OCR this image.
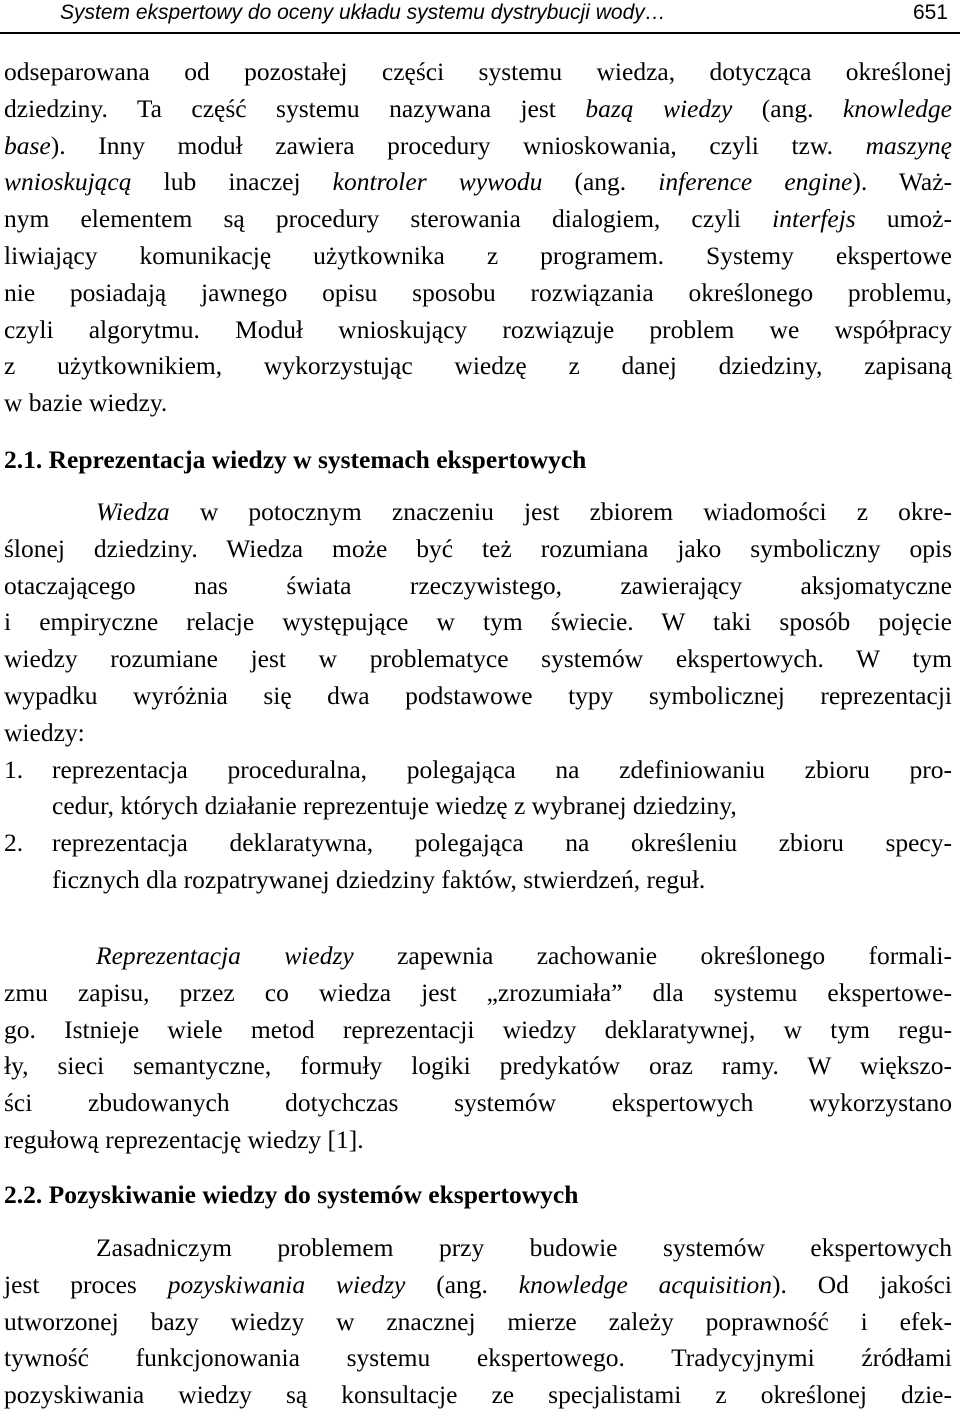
System ekspertowy do oceny układu systemu dystrybucji wody…	651
odseparowana od pozostałej części systemu wiedza, dotycząca określonej
dziedziny. Ta część systemu nazywana jest bazą wiedzy (ang. knowledge
base). Inny moduł zawiera procedury wnioskowania, czyli tzw. maszynę
wnioskującą lub inaczej kontroler wywodu (ang. inference engine). Waż-
nym elementem są procedury sterowania dialogiem, czyli interfejs umoż-
liwiający komunikację użytkownika z programem. Systemy ekspertowe
nie posiadają jawnego opisu sposobu rozwiązania określonego problemu,
czyli algorytmu. Moduł wnioskujący rozwiązuje problem we współpracy
z użytkownikiem, wykorzystując wiedzę z danej dziedziny, zapisaną
w bazie wiedzy.
2.1. Reprezentacja wiedzy w systemach ekspertowych
Wiedza w potocznym znaczeniu jest zbiorem wiadomości z okre-
ślonej dziedziny. Wiedza może być też rozumiana jako symboliczny opis
otaczającego nas świata rzeczywistego, zawierający aksjomatyczne
i empiryczne relacje występujące w tym świecie. W taki sposób pojęcie
wiedzy rozumiane jest w problematyce systemów ekspertowych. W tym
wypadku wyróżnia się dwa podstawowe typy symbolicznej reprezentacji
wiedzy:
1. reprezentacja proceduralna, polegająca na zdefiniowaniu zbioru pro-
cedur, których działanie reprezentuje wiedzę z wybranej dziedziny,
2. reprezentacja deklaratywna, polegająca na określeniu zbioru specy-
ficznych dla rozpatrywanej dziedziny faktów, stwierdzeń, reguł.
Reprezentacja wiedzy zapewnia zachowanie określonego formali-
zmu zapisu, przez co wiedza jest „zrozumiała” dla systemu ekspertowe-
go. Istnieje wiele metod reprezentacji wiedzy deklaratywnej, w tym regu-
ły, sieci semantyczne, formuły logiki predykatów oraz ramy. W większo-
ści zbudowanych dotychczas systemów ekspertowych wykorzystano
regułową reprezentację wiedzy [1].
2.2. Pozyskiwanie wiedzy do systemów ekspertowych
Zasadniczym problemem przy budowie systemów ekspertowych
jest proces pozyskiwania wiedzy (ang. knowledge acquisition). Od jakości
utworzonej bazy wiedzy w znacznej mierze zależy poprawność i efek-
tywność funkcjonowania systemu ekspertowego. Tradycyjnymi źródłami
pozyskiwania wiedzy są konsultacje ze specjalistami z określonej dzie-
